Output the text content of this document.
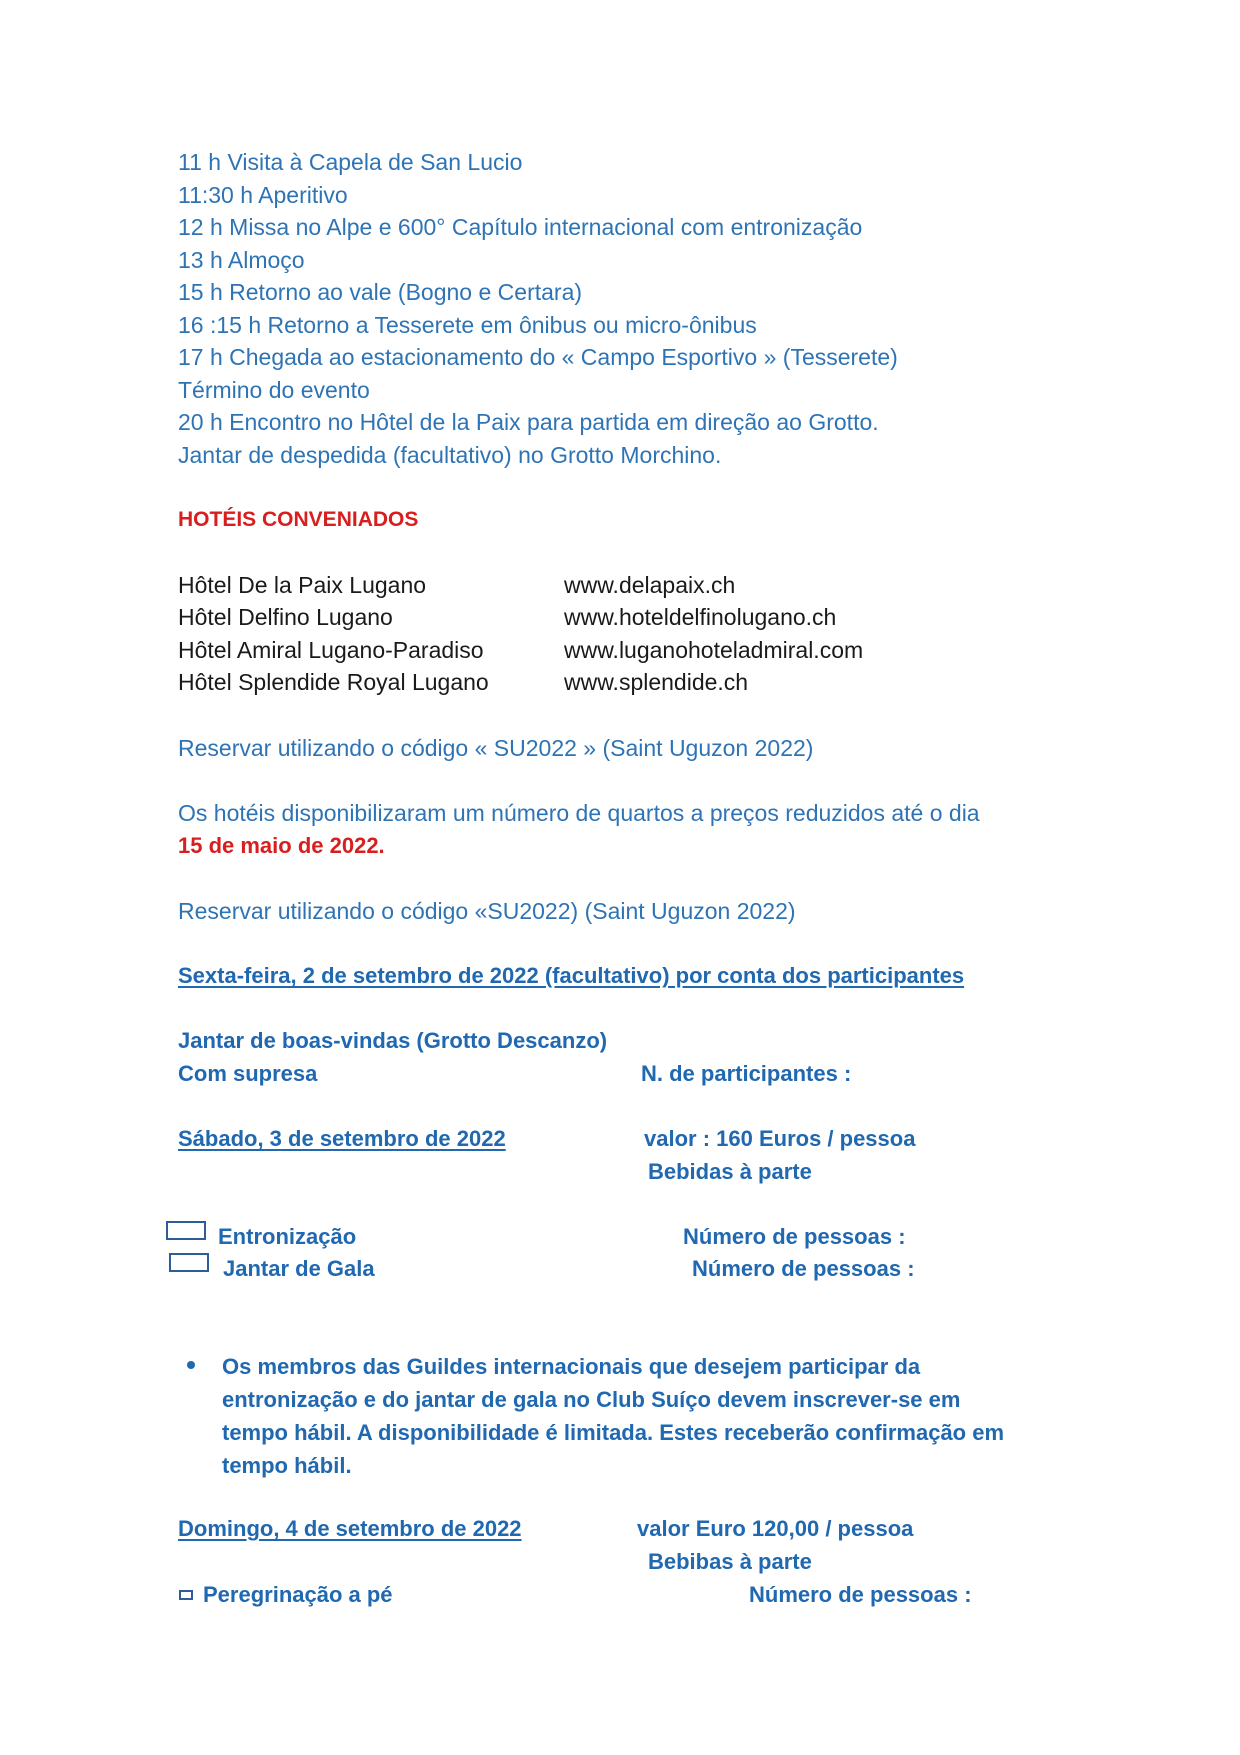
11 h Visita à Capela de San Lucio
11:30 h Aperitivo
12 h Missa no Alpe e 600° Capítulo internacional com entronização
13 h Almoço
15 h Retorno ao vale (Bogno e Certara)
16 :15 h Retorno a Tesserete em ônibus ou micro-ônibus
17 h Chegada ao estacionamento do « Campo Esportivo » (Tesserete)
Término do evento
20 h Encontro no Hôtel de la Paix para partida em direção ao Grotto.
Jantar de despedida (facultativo) no Grotto Morchino.
HOTÉIS CONVENIADOS
Hôtel De la Paix Lugano	www.delapaix.ch
Hôtel Delfino Lugano	www.hoteldelfinolugano.ch
Hôtel Amiral Lugano-Paradiso	www.luganohoteladmiral.com
Hôtel Splendide Royal Lugano	www.splendide.ch
Reservar utilizando o código « SU2022 » (Saint Uguzon 2022)
Os hotéis disponibilizaram um número de quartos a preços reduzidos até o dia
15 de maio de 2022.
Reservar utilizando o código «SU2022) (Saint Uguzon 2022)
Sexta-feira, 2 de setembro de 2022 (facultativo) por conta dos participantes
Jantar de boas-vindas (Grotto Descanzo)
Com supresa	N. de participantes :
Sábado, 3 de setembro de 2022	valor : 160 Euros / pessoa
Bebidas à parte
Entronização	Número de pessoas :
Jantar de Gala	Número de pessoas :
Os membros das Guildes internacionais que desejem participar da entronização e do jantar de gala no Club Suíço devem inscrever-se em tempo hábil. A disponibilidade é limitada. Estes receberão confirmação em tempo hábil.
Domingo, 4 de setembro de 2022	valor Euro 120,00 / pessoa
Bebibas à parte
Peregrinação a pé	Número de pessoas :
